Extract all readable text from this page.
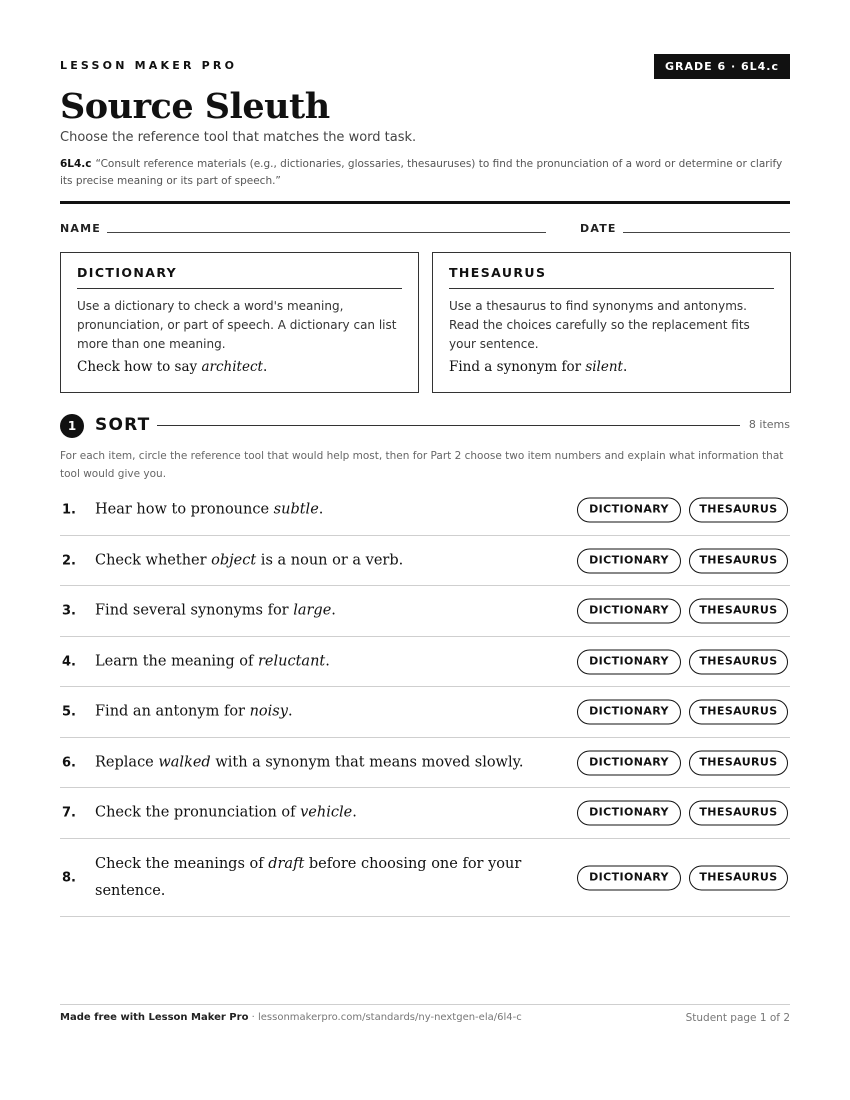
LESSON MAKER PRO	GRADE 6 · 6L4.c
Source Sleuth
Choose the reference tool that matches the word task.
6L4.c “Consult reference materials (e.g., dictionaries, glossaries, thesauruses) to find the pronunciation of a word or determine or clarify its precise meaning or its part of speech.”
NAME	DATE
DICTIONARY
Use a dictionary to check a word's meaning, pronunciation, or part of speech. A dictionary can list more than one meaning.
Check how to say architect.
THESAURUS
Use a thesaurus to find synonyms and antonyms. Read the choices carefully so the replacement fits your sentence.
Find a synonym for silent.
1	SORT	8 items
For each item, circle the reference tool that would help most, then for Part 2 choose two item numbers and explain what information that tool would give you.
1. Hear how to pronounce subtle.	DICTIONARY	THESAURUS
2. Check whether object is a noun or a verb.	DICTIONARY	THESAURUS
3. Find several synonyms for large.	DICTIONARY	THESAURUS
4. Learn the meaning of reluctant.	DICTIONARY	THESAURUS
5. Find an antonym for noisy.	DICTIONARY	THESAURUS
6. Replace walked with a synonym that means moved slowly.	DICTIONARY	THESAURUS
7. Check the pronunciation of vehicle.	DICTIONARY	THESAURUS
8.
Check the meanings of draft before choosing one for your sentence.
DICTIONARY	THESAURUS
Made free with Lesson Maker Pro · lessonmakerpro.com/standards/ny-nextgen-ela/6l4-c	Student page 1 of 2
